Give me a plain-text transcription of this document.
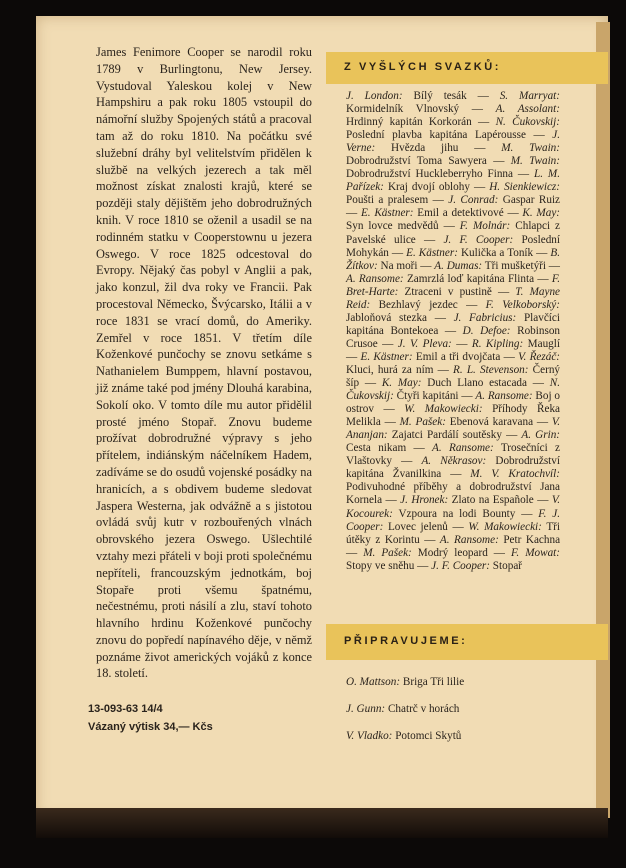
James Fenimore Cooper se narodil roku 1789 v Burlingtonu, New Jersey. Vystudoval Yaleskou kolej v New Hampshiru a pak roku 1805 vstoupil do námořní služby Spojených států a pracoval tam až do roku 1810. Na počátku své služební dráhy byl velitelstvím přidělen k službě na velkých jezerech a tak měl možnost získat znalosti krajů, které se později staly dějištěm jeho dobrodružných knih. V roce 1810 se oženil a usadil se na rodinném statku v Cooperstownu u jezera Oswego. V roce 1825 odcestoval do Evropy. Nějaký čas pobyl v Anglii a pak, jako konzul, žil dva roky ve Francii. Pak procestoval Německo, Švýcarsko, Itálii a v roce 1831 se vrací domů, do Ameriky. Zemřel v roce 1851. V třetím díle Koženkové punčochy se znovu setkáme s Nathanielem Bumppem, hlavní postavou, již známe také pod jmény Dlouhá karabina, Sokolí oko. V tomto díle mu autor přidělil prosté jméno Stopař. Znovu budeme prožívat dobrodružné výpravy s jeho přítelem, indiánským náčelníkem Hadem, zadíváme se do osudů vojenské posádky na hranicích, a s obdivem budeme sledovat Jaspera Westerna, jak odvážně a s jistotou ovládá svůj kutr v rozbouřených vlnách obrovského jezera Oswego. Ušlechtilé vztahy mezi přáteli v boji proti společnému nepříteli, francouzským jednotkám, boj Stopaře proti všemu špatnému, nečestnému, proti násilí a zlu, staví tohoto hlavního hrdinu Koženkové punčochy znovu do popředí napínavého děje, v němž poznáme život amerických vojáků z konce 18. století.

13-093-63 14/4
Vázaný výtisk 34,— Kčs
Z VYŠLÝCH SVAZKŮ:
J. London: Bílý tesák — S. Marryat: Kormidelník Vlnovský — A. Assolant: Hrdinný kapitán Korkorán — N. Čukovskij: Poslední plavba kapitána Lapérousse — J. Verne: Hvězda jihu — M. Twain: Dobrodružství Toma Sawyera — M. Twain: Dobrodružství Huckleberryho Finna — L. M. Pařízek: Kraj dvojí oblohy — H. Sienkiewicz: Poušti a pralesem — J. Conrad: Gaspar Ruiz — E. Kästner: Emil a detektivové — K. May: Syn lovce medvědů — F. Molnár: Chlapci z Pavelské ulice — J. F. Cooper: Poslední Mohykán — E. Kästner: Kulička a Toník — B. Žítkov: Na moři — A. Dumas: Tři mušketýři — A. Ransome: Zamrzlá loď kapitána Flinta — F. Bret-Harte: Ztraceni v pustině — T. Mayne Reid: Bezhlavý jezdec — F. Velkoborský: Jabloňová stezka — J. Fabricius: Plavčíci kapitána Bontekoea — D. Defoe: Robinson Crusoe — J. V. Pleva: — R. Kipling: Mauglí — E. Kästner: Emil a tři dvojčata — V. Řezáč: Kluci, hurá za ním — R. L. Stevenson: Černý šíp — K. May: Duch Llano estacada — N. Čukovskij: Čtyři kapitáni — A. Ransome: Boj o ostrov — W. Makowiecki: Příhody Řeka Melikla — M. Pašek: Ebenová karavana — V. Ananjan: Zajatci Pardálí soutěsky — A. Grin: Cesta nikam — A. Ransome: Trosečníci z Vlaštovky — A. Někrasov: Dobrodružství kapitána Žvanilkina — M. V. Kratochvíl: Podivuhodné příběhy a dobrodružství Jana Kornela — J. Hronek: Zlato na Españole — V. Kocourek: Vzpoura na lodi Bounty — F. J. Cooper: Lovec jelenů — W. Makowiecki: Tři útěky z Korintu — A. Ransome: Petr Kachna — M. Pašek: Modrý leopard — F. Mowat: Stopy ve sněhu — J. F. Cooper: Stopař
PŘIPRAVUJEME:
O. Mattson: Briga Tři lilie
J. Gunn: Chatrč v horách
V. Vladko: Potomci Skytů
